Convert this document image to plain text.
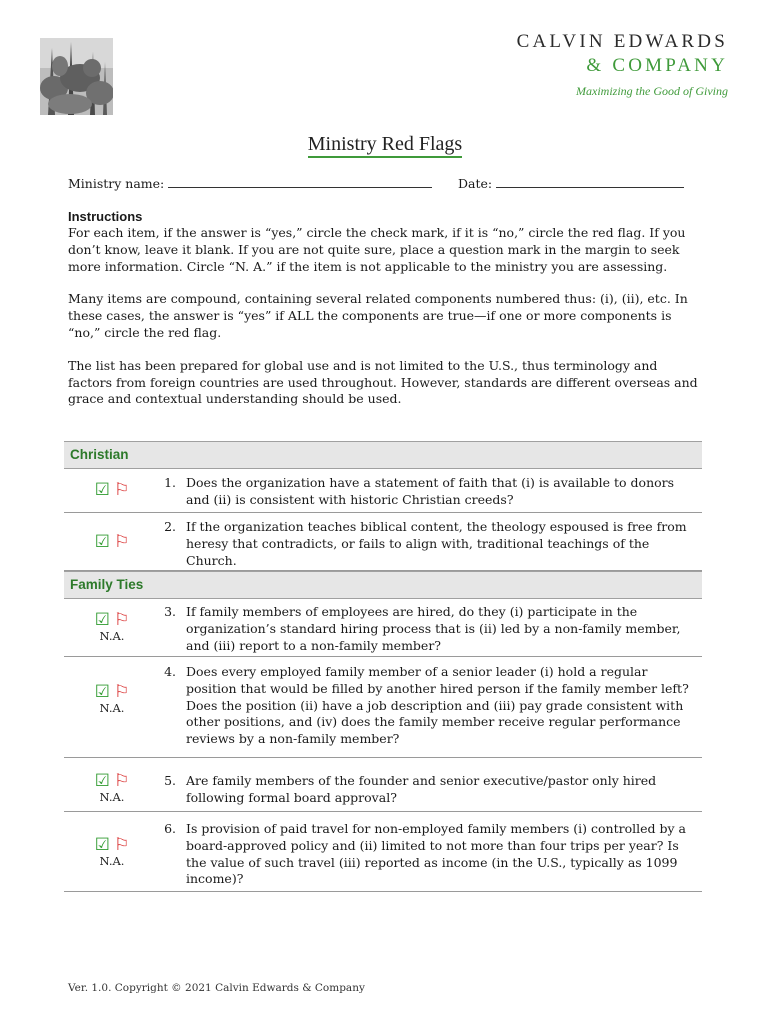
CALVIN EDWARDS
& COMPANY
Maximizing the Good of Giving
Ministry Red Flags
Ministry name:	Date:
Instructions

For each item, if the answer is “yes,” circle the check mark, if it is “no,” circle the red flag. If you don’t know, leave it blank. If you are not quite sure, place a question mark in the margin to seek more information. Circle “N. A.” if the item is not applicable to the ministry you are assessing.

Many items are compound, containing several related components numbered thus: (i), (ii), etc. In these cases, the answer is “yes” if ALL the components are true—if one or more components is “no,” circle the red flag.

The list has been prepared for global use and is not limited to the U.S., thus terminology and factors from foreign countries are used throughout. However, standards are different overseas and grace and contextual understanding should be used.

Christian
☑ ⚐	1. Does the organization have a statement of faith that (i) is available to donors and (ii) is consistent with historic Christian creeds?
☑ ⚐
2. If the organization teaches biblical content, the theology espoused is free from heresy that contradicts, or fails to align with, traditional teachings of the Church.
Family Ties
☑ ⚐
N.A.
3. If family members of employees are hired, do they (i) participate in the organization’s standard hiring process that is (ii) led by a non-family member, and (iii) report to a non-family member?
☑ ⚐
N.A.
4. Does every employed family member of a senior leader (i) hold a regular position that would be filled by another hired person if the family member left? Does the position (ii) have a job description and (iii) pay grade consistent with other positions, and (iv) does the family member receive regular performance reviews by a non-family member?
☑ ⚐
N.A.
5. Are family members of the founder and senior executive/pastor only hired following formal board approval?
☑ ⚐
N.A.
6. Is provision of paid travel for non-employed family members (i) controlled by a board-approved policy and (ii) limited to not more than four trips per year? Is the value of such travel (iii) reported as income (in the U.S., typically as 1099 income)?
Ver. 1.0. Copyright © 2021 Calvin Edwards & Company
